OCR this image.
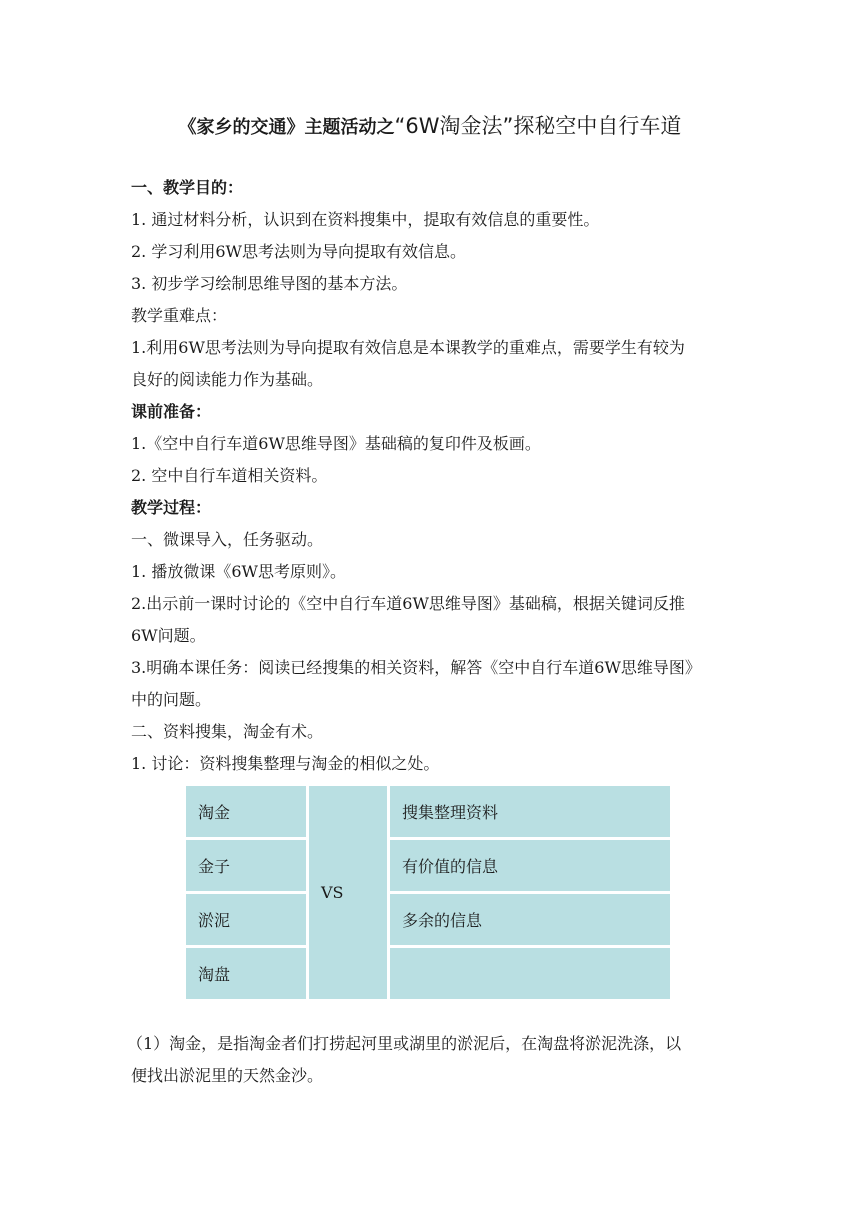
《家乡的交通》主题活动之“6W淘金法”探秘空中自行车道
一、教学目的：
1. 通过材料分析，认识到在资料搜集中，提取有效信息的重要性。
2. 学习利用6W思考法则为导向提取有效信息。
3. 初步学习绘制思维导图的基本方法。
教学重难点：
1.利用6W思考法则为导向提取有效信息是本课教学的重难点，需要学生有较为
良好的阅读能力作为基础。
课前准备：
1.《空中自行车道6W思维导图》基础稿的复印件及板画。
2. 空中自行车道相关资料。
教学过程：
一、微课导入，任务驱动。
1. 播放微课《6W思考原则》。
2.出示前一课时讨论的《空中自行车道6W思维导图》基础稿，根据关键词反推
6W问题。
3.明确本课任务：阅读已经搜集的相关资料，解答《空中自行车道6W思维导图》
中的问题。
二、资料搜集，淘金有术。
1. 讨论：资料搜集整理与淘金的相似之处。
淘金	VS	搜集整理资料
金子		有价值的信息
淤泥		多余的信息
淘盘		
（1）淘金，是指淘金者们打捞起河里或湖里的淤泥后，在淘盘将淤泥洗涤，以
便找出淤泥里的天然金沙。
